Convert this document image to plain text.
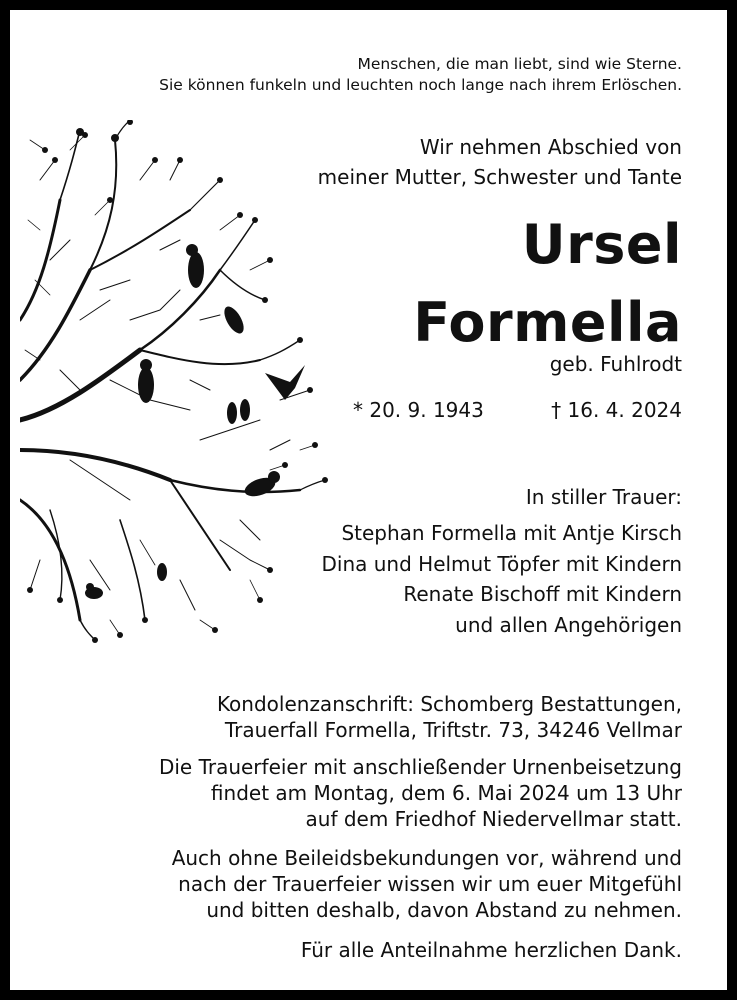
Menschen, die man liebt, sind wie Sterne.
Sie können funkeln und leuchten noch lange nach ihrem Erlöschen.
Wir nehmen Abschied von
meiner Mutter, Schwester und Tante
Ursel
Formella
geb. Fuhlrodt
* 20. 9. 1943	† 16. 4. 2024
In stiller Trauer:
Stephan Formella mit Antje Kirsch
Dina und Helmut Töpfer mit Kindern
Renate Bischoff mit Kindern
und allen Angehörigen
Kondolenzanschrift: Schomberg Bestattungen,
Trauerfall Formella, Triftstr. 73, 34246 Vellmar
Die Trauerfeier mit anschließender Urnenbeisetzung
findet am Montag, dem 6. Mai 2024 um 13 Uhr
auf dem Friedhof Niedervellmar statt.
Auch ohne Beileidsbekundungen vor, während und
nach der Trauerfeier wissen wir um euer Mitgefühl
und bitten deshalb, davon Abstand zu nehmen.
Für alle Anteilnahme herzlichen Dank.
